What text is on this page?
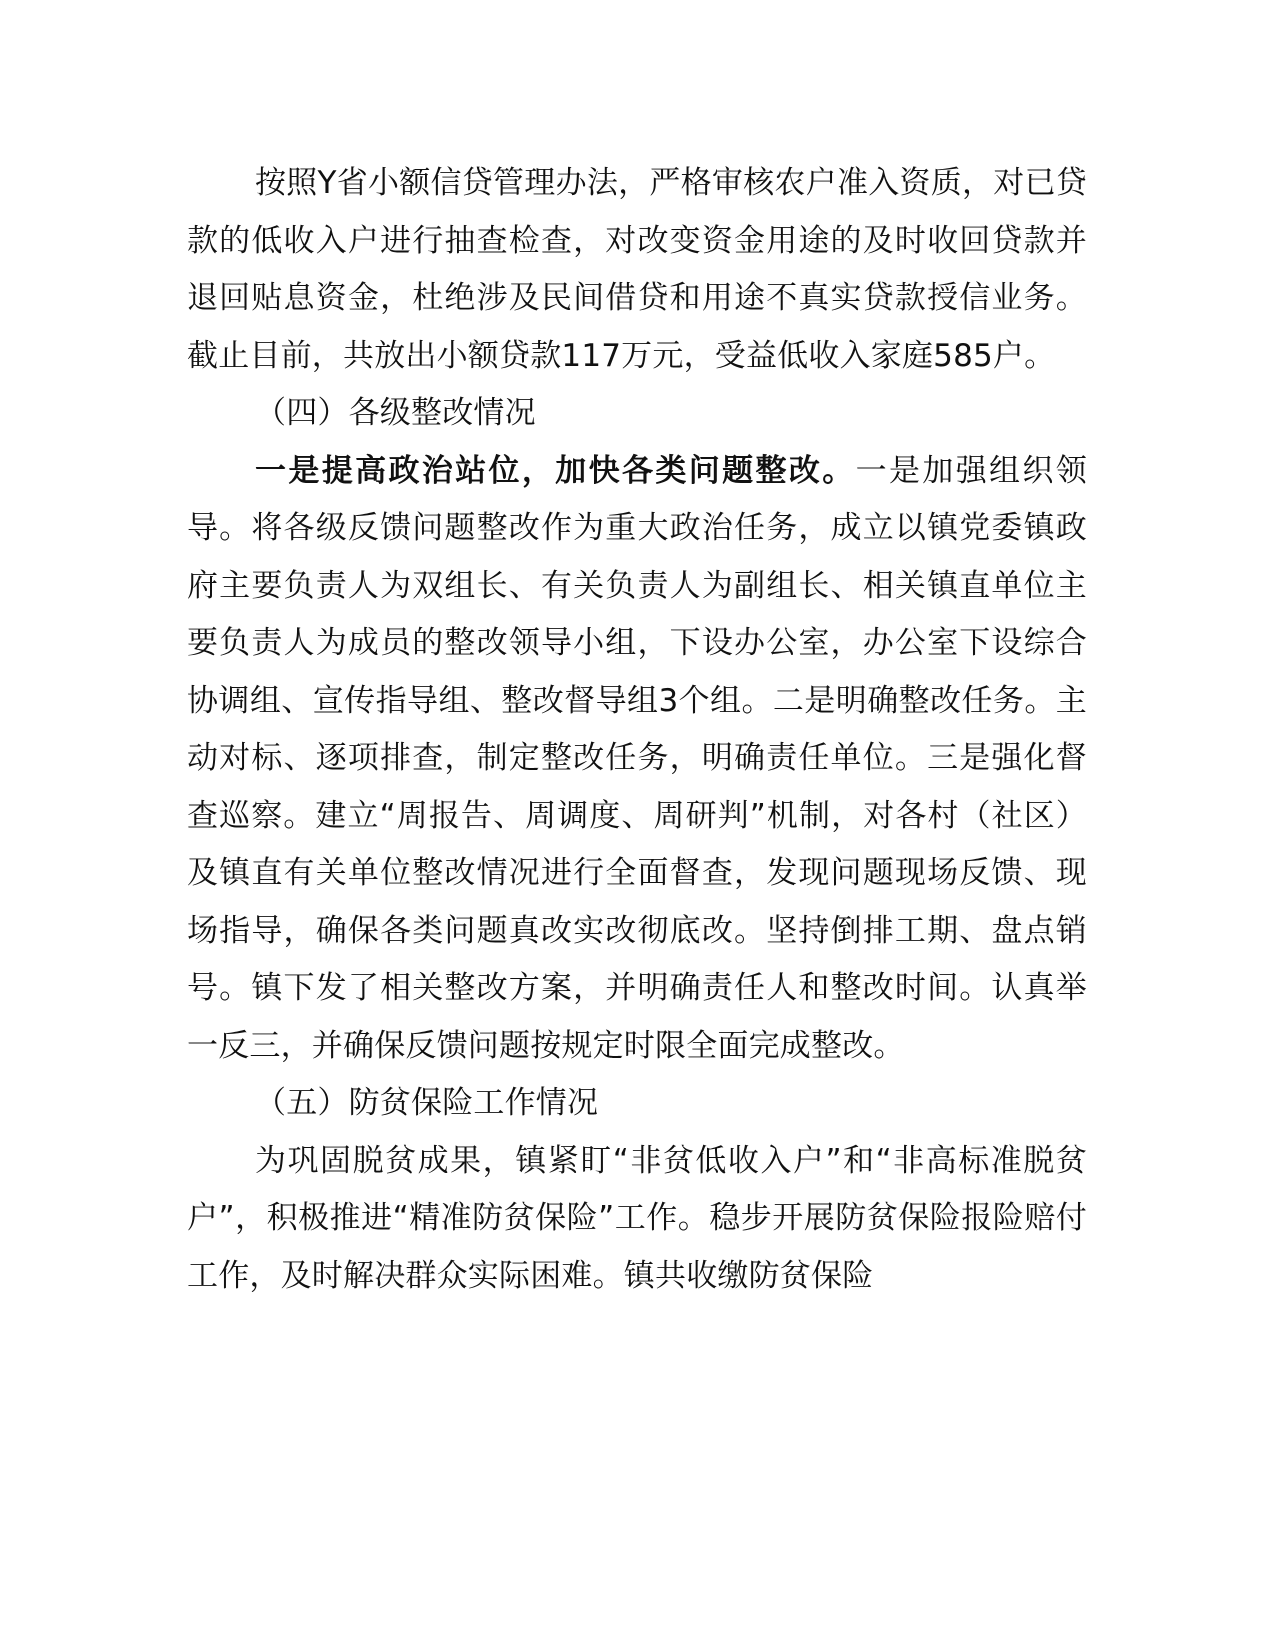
按照Y省小额信贷管理办法，严格审核农户准入资质，对已贷款的低收入户进行抽查检查，对改变资金用途的及时收回贷款并退回贴息资金，杜绝涉及民间借贷和用途不真实贷款授信业务。截止目前，共放出小额贷款117万元，受益低收入家庭585户。

（四）各级整改情况

一是提高政治站位，加快各类问题整改。一是加强组织领导。将各级反馈问题整改作为重大政治任务，成立以镇党委镇政府主要负责人为双组长、有关负责人为副组长、相关镇直单位主要负责人为成员的整改领导小组，下设办公室，办公室下设综合协调组、宣传指导组、整改督导组3个组。二是明确整改任务。主动对标、逐项排查，制定整改任务，明确责任单位。三是强化督查巡察。建立“周报告、周调度、周研判”机制，对各村（社区）及镇直有关单位整改情况进行全面督查，发现问题现场反馈、现场指导，确保各类问题真改实改彻底改。坚持倒排工期、盘点销号。镇下发了相关整改方案，并明确责任人和整改时间。认真举一反三，并确保反馈问题按规定时限全面完成整改。

（五）防贫保险工作情况

为巩固脱贫成果，镇紧盯“非贫低收入户”和“非高标准脱贫户”，积极推进“精准防贫保险”工作。稳步开展防贫保险报险赔付工作，及时解决群众实际困难。镇共收缴防贫保险
